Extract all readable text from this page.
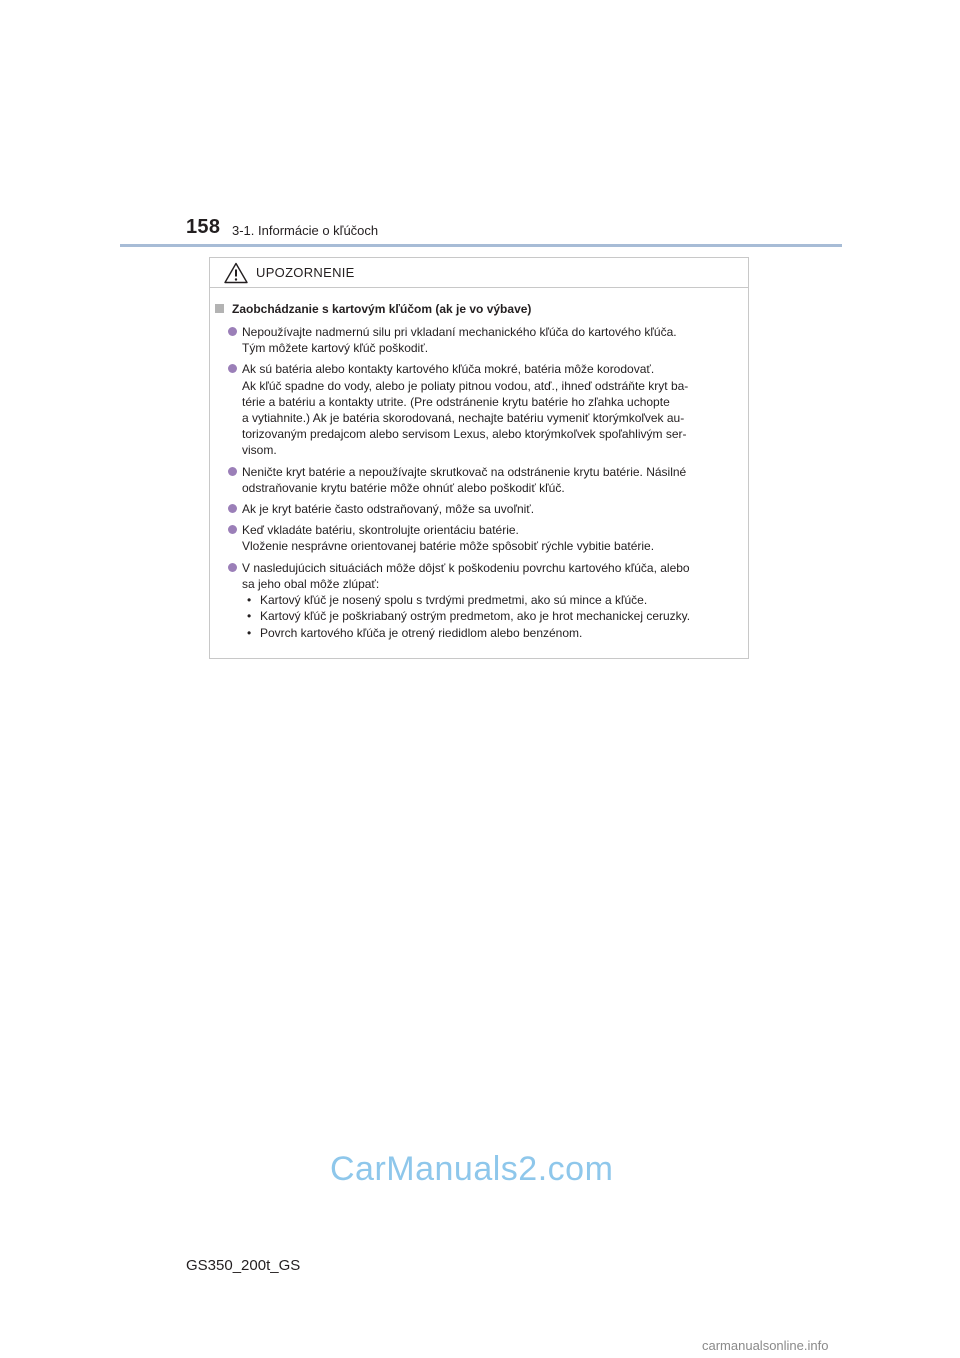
158 3-1. Informácie o kľúčoch
UPOZORNENIE
Zaobchádzanie s kartovým kľúčom (ak je vo výbave)
Nepoužívajte nadmernú silu pri vkladaní mechanického kľúča do kartového kľúča.
Tým môžete kartový kľúč poškodiť.
Ak sú batéria alebo kontakty kartového kľúča mokré, batéria môže korodovať.
Ak kľúč spadne do vody, alebo je poliaty pitnou vodou, atď., ihneď odstráňte kryt ba-
térie a batériu a kontakty utrite. (Pre odstránenie krytu batérie ho zľahka uchopte
a vytiahnite.) Ak je batéria skorodovaná, nechajte batériu vymeniť ktorýmkoľvek au-
torizovaným predajcom alebo servisom Lexus, alebo ktorýmkoľvek spoľahlivým ser-
visom.
Neničte kryt batérie a nepoužívajte skrutkovač na odstránenie krytu batérie. Násilné
odstraňovanie krytu batérie môže ohnúť alebo poškodiť kľúč.
Ak je kryt batérie často odstraňovaný, môže sa uvoľniť.
Keď vkladáte batériu, skontrolujte orientáciu batérie.
Vloženie nesprávne orientovanej batérie môže spôsobiť rýchle vybitie batérie.
V nasledujúcich situáciách môže dôjsť k poškodeniu povrchu kartového kľúča, alebo
sa jeho obal môže zlúpať:
• Kartový kľúč je nosený spolu s tvrdými predmetmi, ako sú mince a kľúče.
• Kartový kľúč je poškriabaný ostrým predmetom, ako je hrot mechanickej ceruzky.
• Povrch kartového kľúča je otrený riedidlom alebo benzénom.
CarManuals2.com
GS350_200t_GS
carmanualsonline.info
